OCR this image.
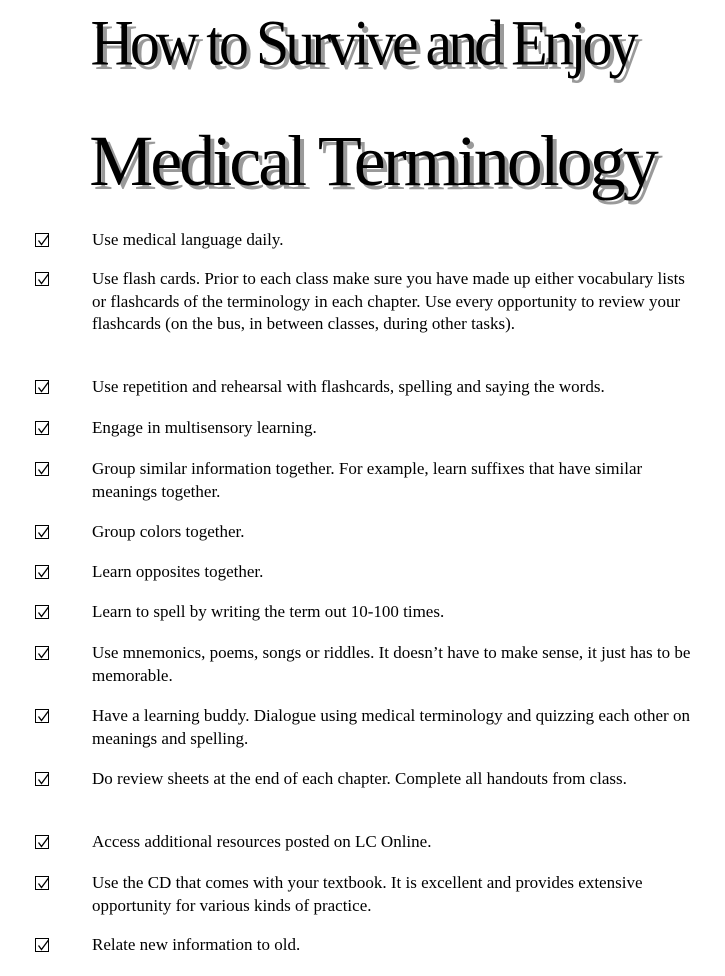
How to Survive and Enjoy
Medical Terminology
Use medical language daily.
Use flash cards. Prior to each class make sure you have made up either vocabulary lists or flashcards of the terminology in each chapter. Use every opportunity to review your flashcards (on the bus, in between classes, during other tasks).
Use repetition and rehearsal with flashcards, spelling and saying the words.
Engage in multisensory learning.
Group similar information together. For example, learn suffixes that have similar meanings together.
Group colors together.
Learn opposites together.
Learn to spell by writing the term out 10-100 times.
Use mnemonics, poems, songs or riddles. It doesn’t have to make sense, it just has to be memorable.
Have a learning buddy. Dialogue using medical terminology and quizzing each other on meanings and spelling.
Do review sheets at the end of each chapter. Complete all handouts from class.
Access additional resources posted on LC Online.
Use the CD that comes with your textbook. It is excellent and provides extensive opportunity for various kinds of practice.
Relate new information to old.
